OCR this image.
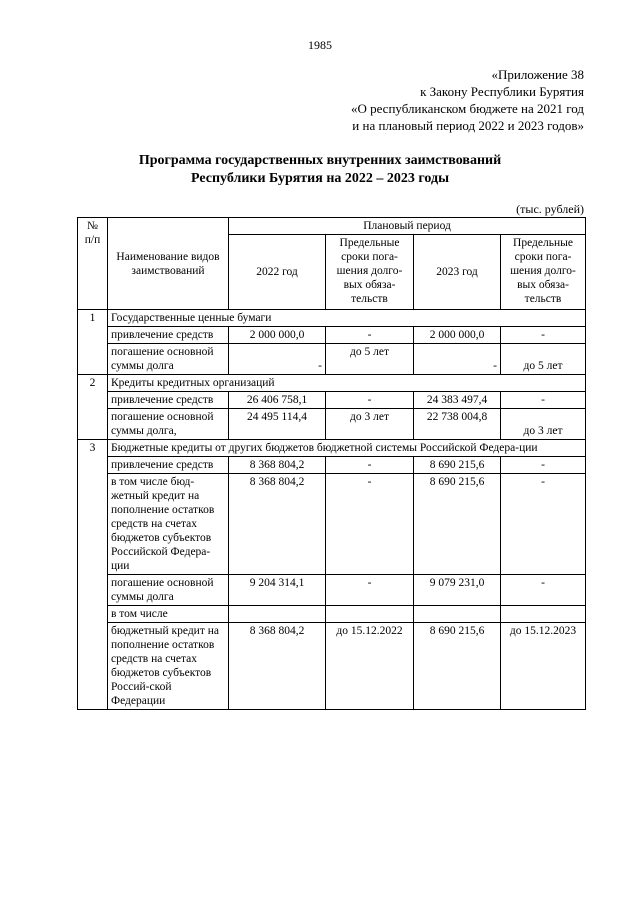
1985
«Приложение 38
к Закону Республики Бурятия
«О республиканском бюджете на 2021 год
и на плановый период 2022 и 2023 годов»
Программа государственных внутренних заимствований
Республики Бурятия на 2022 – 2023 годы
(тыс. рублей)
№ п/п	Наименование видов заимствований	Плановый период			
		2022 год	Предельные сроки пога-шения долго-вых обяза-тельств	2023 год	Предельные сроки пога-шения долго-вых обяза-тельств
1	Государственные ценные бумаги				
	привлечение средств	2 000 000,0	-	2 000 000,0	-
	погашение основной суммы долга	-	до 5 лет	-	до 5 лет
2	Кредиты кредитных организаций				
	привлечение средств	26 406 758,1	-	24 383 497,4	-
	погашение основной суммы долга,	24 495 114,4	до 3 лет	22 738 004,8	до 3 лет
3	Бюджетные кредиты от других бюджетов бюджетной системы Российской Федера-ции				
	привлечение средств	8 368 804,2	-	8 690 215,6	-
	в том числе бюд-жетный кредит на пополнение остатков средств на счетах бюджетов субъектов Российской Федера-ции	8 368 804,2	-	8 690 215,6	-
	погашение основной суммы долга	9 204 314,1	-	9 079 231,0	-
	в том числе				
	бюджетный кредит на пополнение остатков средств на счетах бюджетов субъектов Россий-ской Федерации	8 368 804,2	до 15.12.2022	8 690 215,6	до 15.12.2023
